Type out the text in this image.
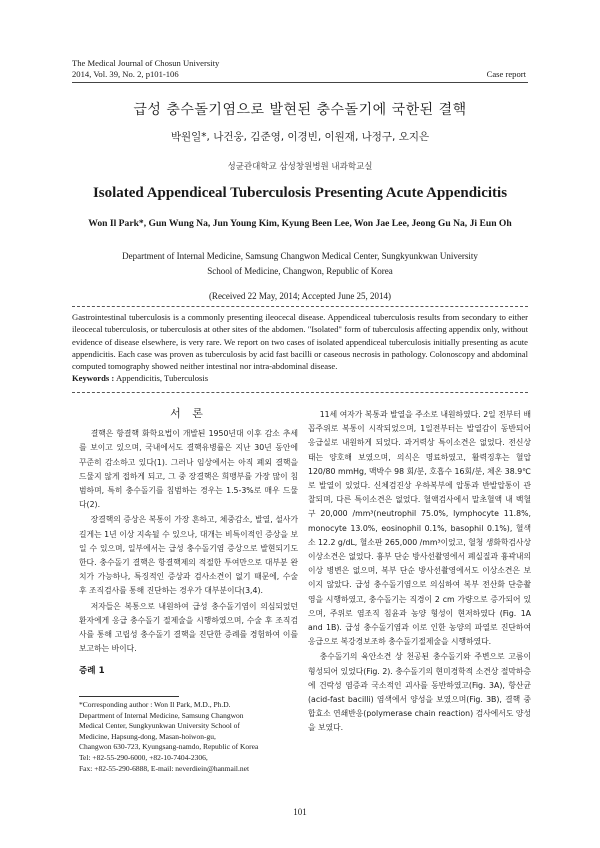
The Medical Journal of Chosun University
2014, Vol. 39, No. 2, p101-106	Case report
급성 충수돌기염으로 발현된 충수돌기에 국한된 결핵
박원일*, 나건웅, 김준영, 이경빈, 이원재, 나정구, 오지은
성균관대학교 삼성창원병원 내과학교실
Isolated Appendiceal Tuberculosis Presenting Acute Appendicitis
Won Il Park*, Gun Wung Na, Jun Young Kim, Kyung Been Lee, Won Jae Lee, Jeong Gu Na, Ji Eun Oh
Department of Internal Medicine, Samsung Changwon Medical Center, Sungkyunkwan University
School of Medicine, Changwon, Republic of Korea
(Received 22 May, 2014; Accepted June 25, 2014)
Gastrointestinal tuberculosis is a commonly presenting ileocecal disease. Appendiceal tuberculosis results from secondary to either ileocecal tuberculosis, or tuberculosis at other sites of the abdomen. "Isolated" form of tuberculosis affecting appendix only, without evidence of disease elsewhere, is very rare. We report on two cases of isolated appendiceal tuberculosis initially presenting as acute appendicitis. Each case was proven as tuberculosis by acid fast bacilli or caseous necrosis in pathology. Colonoscopy and abdominal computed tomography showed neither intestinal nor intra-abdominal disease.
Keywords : Appendicitis, Tuberculosis
서 론

결핵은 항결핵 화학요법이 개발된 1950년대 이후 감소 추세를 보이고 있으며, 국내에서도 결핵유병률은 지난 30년 동안에 꾸준히 감소하고 있다(1). 그러나 임상에서는 아직 폐외 결핵을 드물지 않게 접하게 되고, 그 중 장결핵은 희맹부를 가장 많이 침범하며, 특히 충수돌기를 침범하는 경우는 1.5-3%로 매우 드물다(2).

장결핵의 증상은 복통이 가장 흔하고, 체중감소, 발열, 설사가 길게는 1년 이상 지속될 수 있으나, 대개는 비특이적인 증상을 보일 수 있으며, 일부에서는 급성 충수돌기염 증상으로 발현되기도 한다. 충수돌기 결핵은 항결핵제의 적절한 투여만으로 대부분 완치가 가능하나, 특징적인 증상과 검사소견이 없기 때문에, 수술 후 조직검사를 통해 진단하는 경우가 대부분이다(3,4).

저자들은 복통으로 내원하여 급성 충수돌기염이 의심되었던 환자에게 응급 충수돌기 절제술을 시행하였으며, 수술 후 조직검사를 통해 고립성 충수돌기 결핵을 진단한 증례를 경험하여 이를 보고하는 바이다.

증례 1

11세 여자가 복통과 발열을 주소로 내원하였다. 2일 전부터 배꼽주위로 복통이 시작되었으며, 1일전부터는 발열감이 동반되어 응급실로 내원하게 되었다. 과거력상 특이소견은 없었다. 전신상태는 양호해 보였으며, 의식은 명료하였고, 활력징후는 혈압 120/80 mmHg, 맥박수 98 회/분, 호흡수 16회/분, 체온 38.9℃로 발열이 있었다. 신체검진상 우하복부에 압통과 반발압통이 관찰되며, 다른 특이소견은 없었다. 혈액검사에서 말초혈액 내 백혈구 20,000 /mm³(neutrophil 75.0%, lymphocyte 11.8%, monocyte 13.0%, eosinophil 0.1%, basophil 0.1%), 혈색소 12.2 g/dL, 혈소판 265,000 /mm³이었고, 혈청 생화학검사상 이상소견은 없었다. 흉부 단순 방사선촬영에서 폐실질과 흉곽내의 이상 병변은 없으며, 복부 단순 방사선촬영에서도 이상소견은 보이지 않았다. 급성 충수돌기염으로 의심하여 복부 전산화 단층촬영을 시행하였고, 충수돌기는 직경이 2 cm 가량으로 증가되어 있으며, 주위로 염조직 침윤과 농양 형성이 현저하였다 (Fig. 1A and 1B). 급성 충수돌기염과 이로 인한 농양의 파열로 진단하여 응급으로 복강경보조하 충수돌기절제술을 시행하였다.

충수돌기의 육안소견 상 천공된 충수돌기와 주변으로 고름이 형성되어 있었다(Fig. 2). 충수돌기의 현미경학적 소견상 절막하층에 건락성 염증과 국소적인 괴사를 동반하였고(Fig. 3A), 항산균(acid-fast bacilli) 염색에서 양성을 보였으며(Fig. 3B), 결핵 중합효소 연쇄반응(polymerase chain reaction) 검사에서도 양성을 보였다.

*Corresponding author : Won Il Park, M.D., Ph.D.
Department of Internal Medicine, Samsung Changwon
Medical Center, Sungkyunkwan University School of
Medicine, Hapsung-dong, Masan-hoiwon-gu,
Changwon 630-723, Kyungsang-namdo, Republic of Korea
Tel: +82-55-290-6000, +82-10-7404-2306,
Fax: +82-55-290-6888, E-mail: neverdiein@hanmail.net
101
